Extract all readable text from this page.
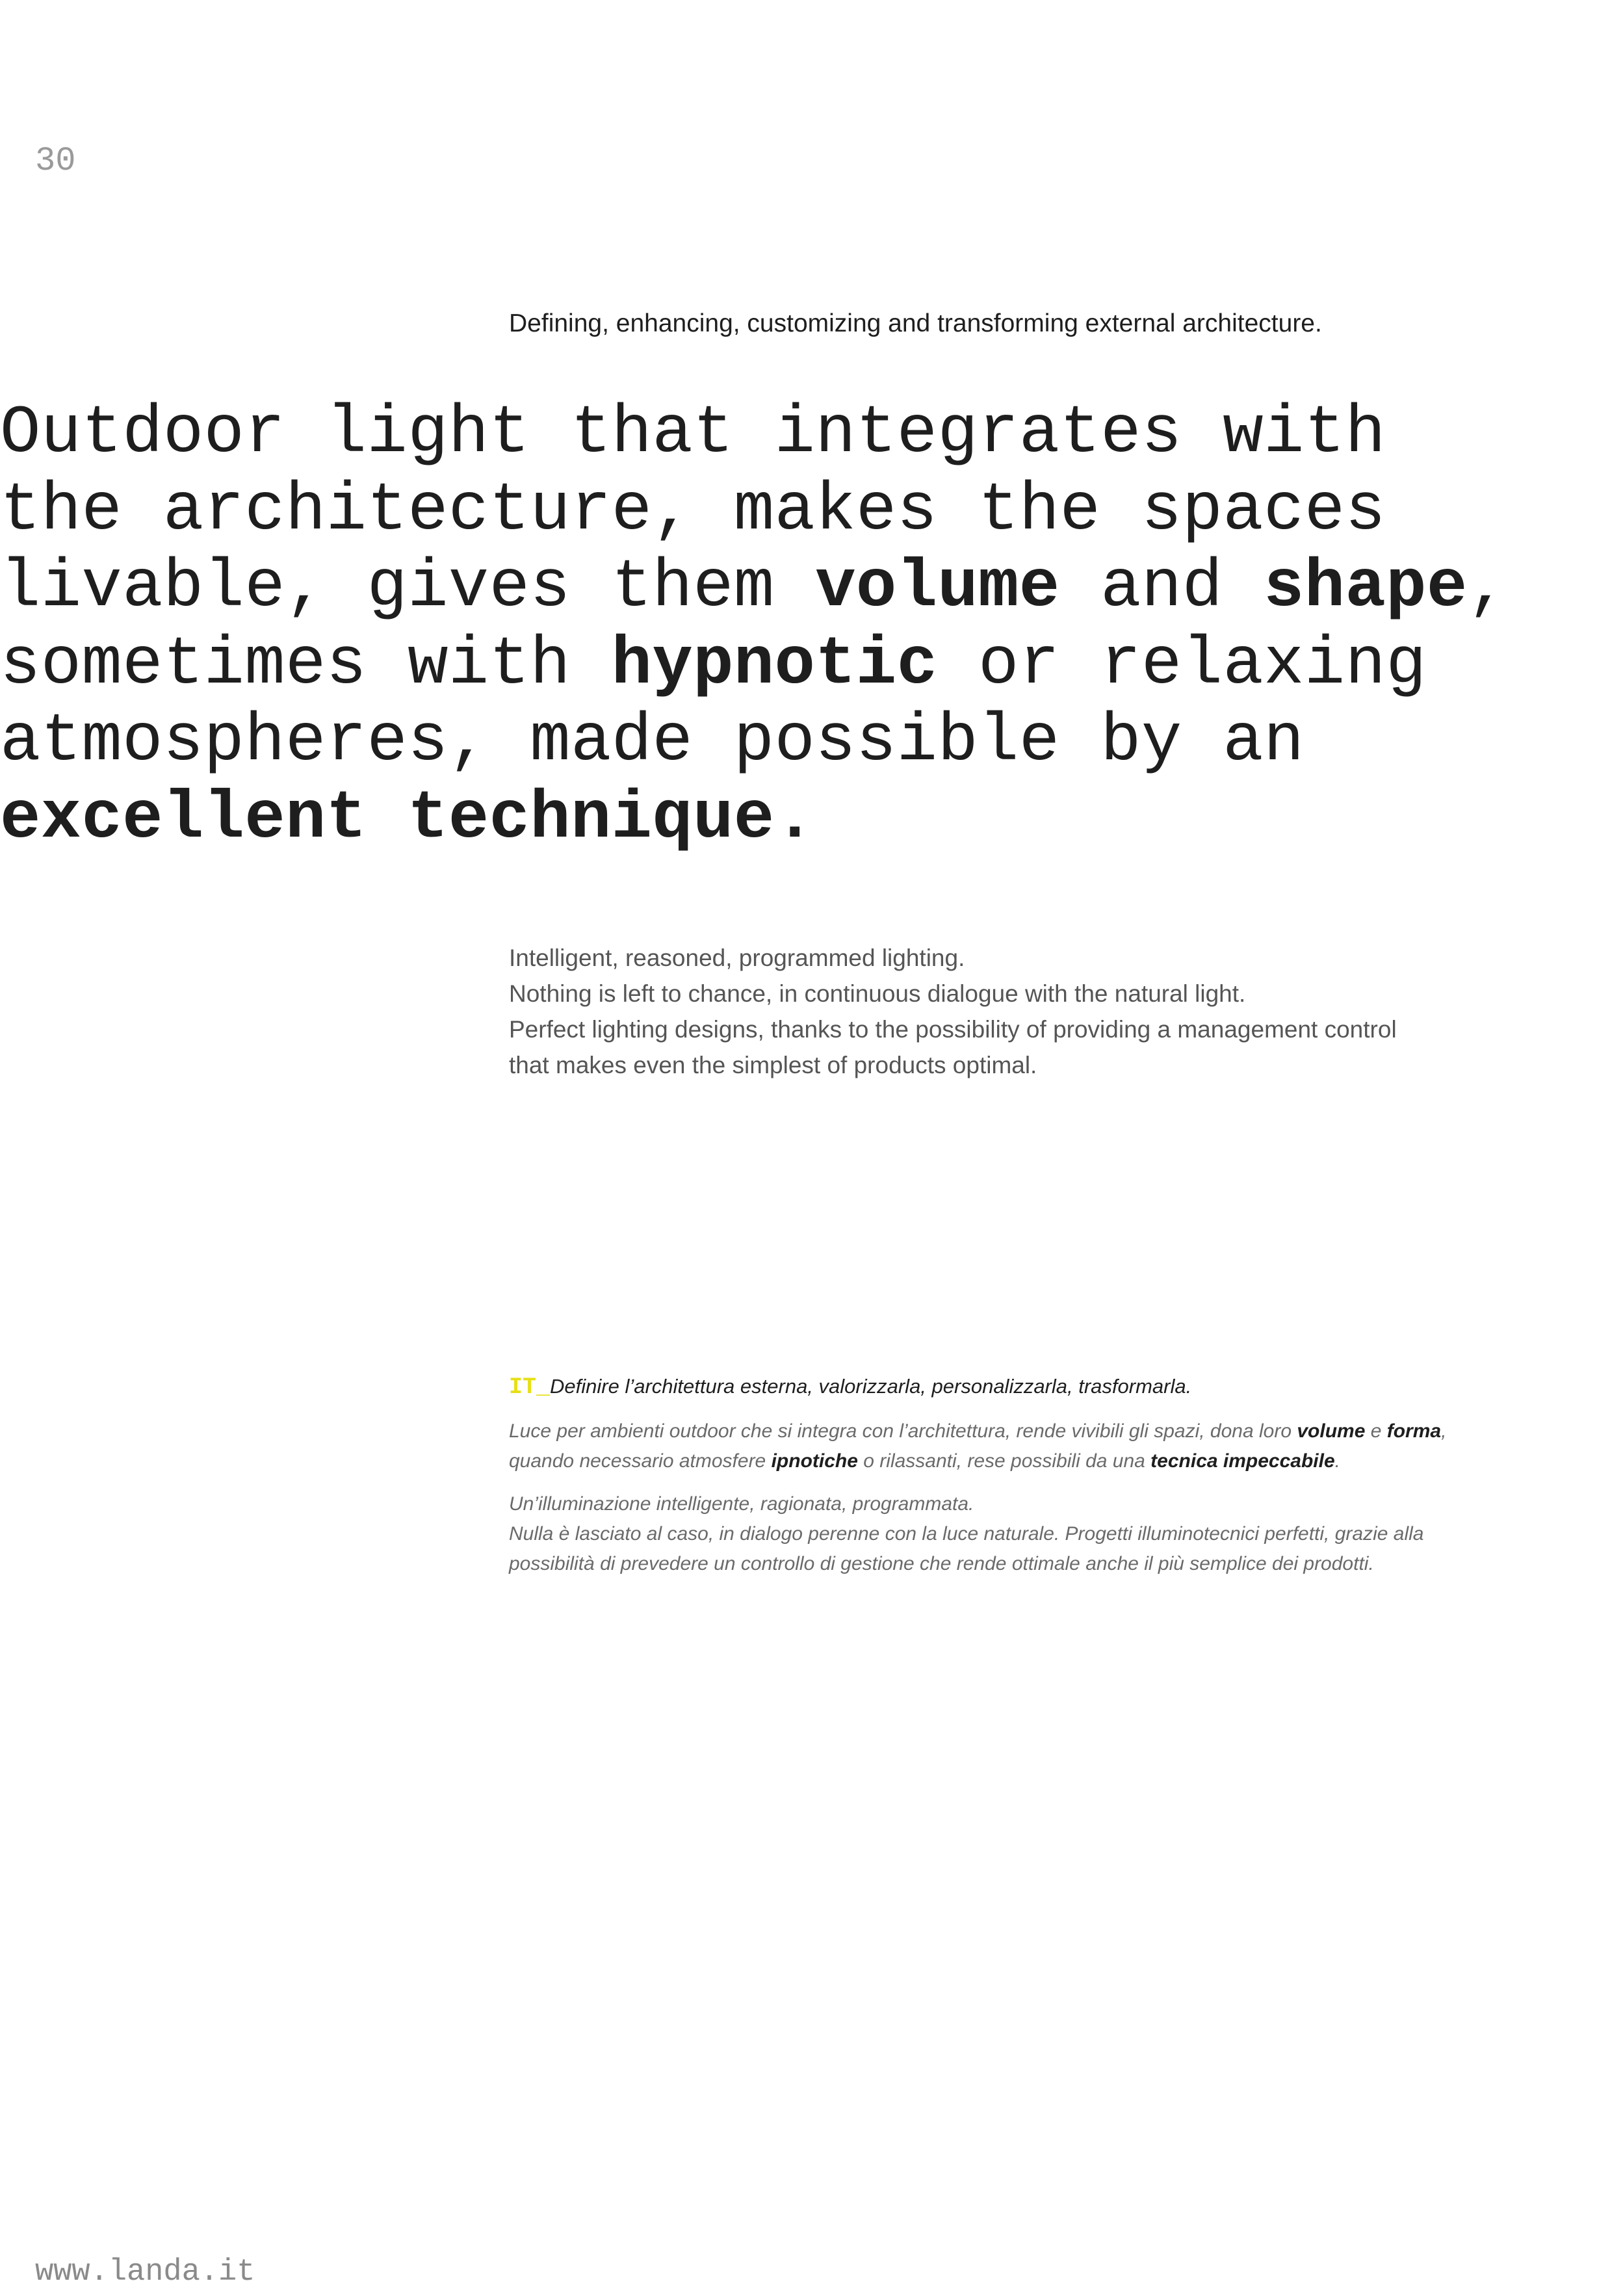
30
Defining, enhancing, customizing and transforming external architecture.
Outdoor light that integrates with
the architecture, makes the spaces
livable, gives them volume and shape,
sometimes with hypnotic or relaxing
atmospheres, made possible by an
excellent technique.
Intelligent, reasoned, programmed lighting.
Nothing is left to chance, in continuous dialogue with the natural light.
Perfect lighting designs, thanks to the possibility of providing a management control
that makes even the simplest of products optimal.
IT_Definire l’architettura esterna, valorizzarla, personalizzarla, trasformarla.
Luce per ambienti outdoor che si integra con l’architettura, rende vivibili gli spazi, dona loro volume e forma,
quando necessario atmosfere ipnotiche o rilassanti, rese possibili da una tecnica impeccabile.
Un’illuminazione intelligente, ragionata, programmata.
Nulla è lasciato al caso, in dialogo perenne con la luce naturale. Progetti illuminotecnici perfetti, grazie alla
possibilità di prevedere un controllo di gestione che rende ottimale anche il più semplice dei prodotti.
www.landa.it
